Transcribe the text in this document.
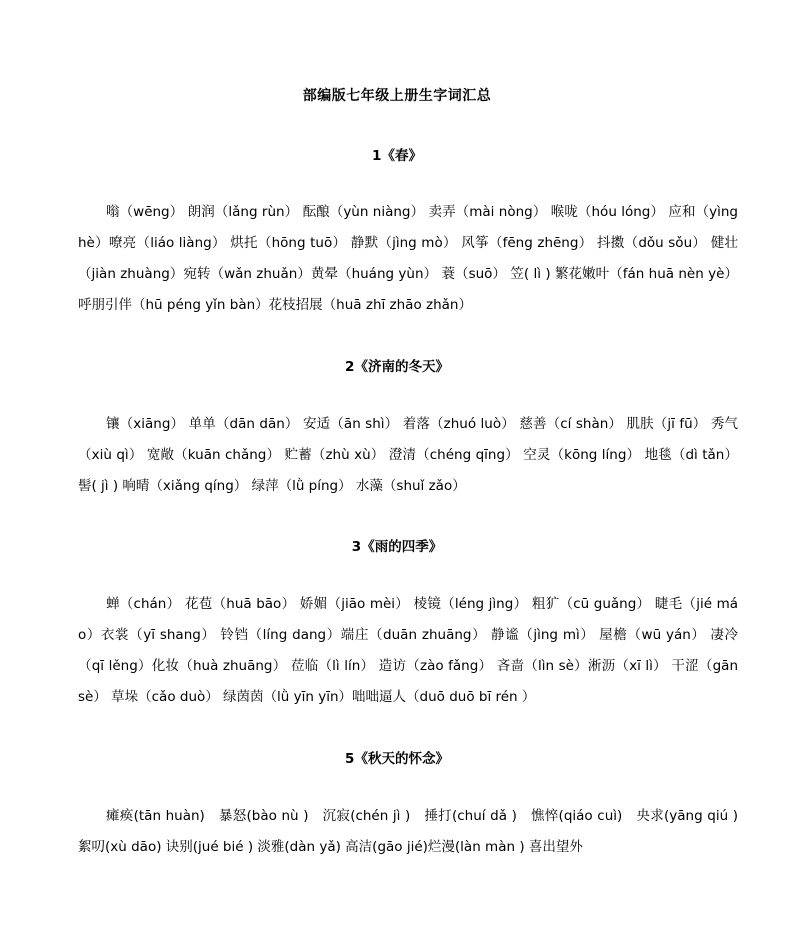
部编版七年级上册生字词汇总
1《春》
嗡（wēng） 朗润（lǎng rùn） 酝酿（yùn niàng） 卖弄（mài nòng） 喉咙（hóu lóng） 应和（yìng hè）嘹亮（liáo liàng） 烘托（hōng tuō） 静默（jìng mò） 风筝（fēng zhēng） 抖擞（dǒu sǒu） 健壮（jiàn zhuàng）宛转（wǎn zhuǎn）黄晕（huáng yùn） 蓑（suō） 笠( lì ) 繁花嫩叶（fán huā nèn yè）呼朋引伴（hū péng yǐn bàn）花枝招展（huā zhī zhāo zhǎn）
2《济南的冬天》
镶（xiāng） 单单（dān dān） 安适（ān shì） 着落（zhuó luò） 慈善（cí shàn） 肌肤（jī fū） 秀气（xiù qì） 宽敞（kuān chǎng） 贮蓄（zhù xù） 澄清（chéng qīng） 空灵（kōng líng） 地毯（dì tǎn） 髻( jì ) 响晴（xiǎng qíng） 绿萍（lǜ píng） 水藻（shuǐ zǎo）
3《雨的四季》
蝉（chán） 花苞（huā bāo） 娇媚（jiāo mèi） 棱镜（léng jìng） 粗犷（cū guǎng） 睫毛（jié máo）衣裳（yī shang） 铃铛（líng dang）端庄（duān zhuāng） 静谧（jìng mì） 屋檐（wū yán） 凄冷（qī lěng）化妆（huà zhuāng） 莅临（lì lín） 造访（zào fǎng） 吝啬（lìn sè）淅沥（xī lì） 干涩（gān sè） 草垛（cǎo duò） 绿茵茵（lǜ yīn yīn）咄咄逼人（duō duō bī rén ）
5《秋天的怀念》
瘫痪(tān huàn)　暴怒(bào nù )　沉寂(chén jì )　捶打(chuí dǎ )　憔悴(qiáo cuì)　央求(yāng qiú ) 絮叨(xù dāo) 诀别(jué bié ) 淡雅(dàn yǎ) 高洁(gāo jié)烂漫(làn màn ) 喜出望外
